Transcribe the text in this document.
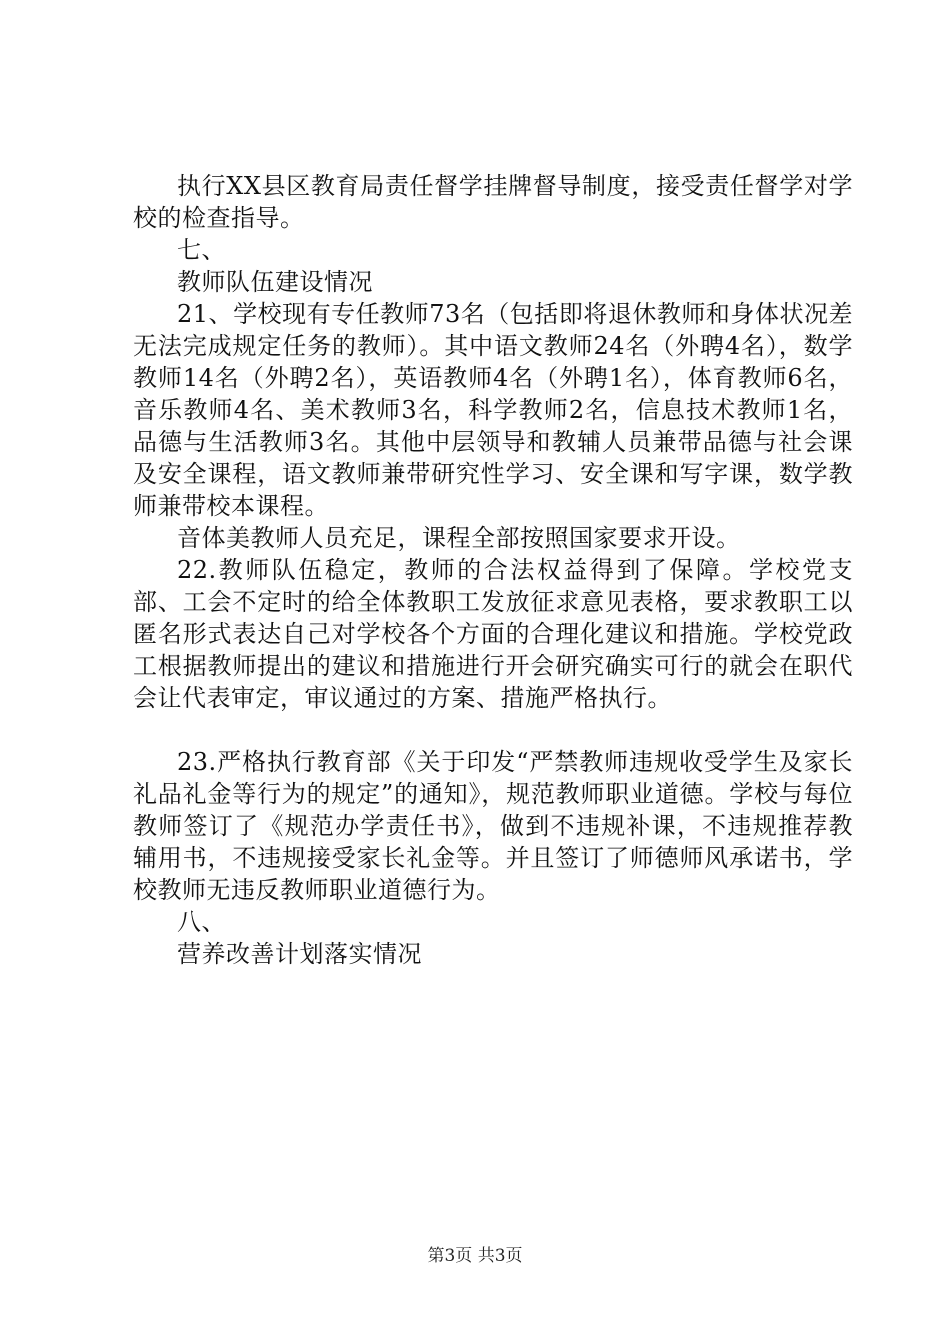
执行XX县区教育局责任督学挂牌督导制度，接受责任督学对学校的检查指导。

七、

教师队伍建设情况

21、学校现有专任教师73名（包括即将退休教师和身体状况差无法完成规定任务的教师）。其中语文教师24名（外聘4名），数学教师14名（外聘2名），英语教师4名（外聘1名），体育教师6名，音乐教师4名、美术教师3名，科学教师2名，信息技术教师1名，品德与生活教师3名。其他中层领导和教辅人员兼带品德与社会课及安全课程，语文教师兼带研究性学习、安全课和写字课，数学教师兼带校本课程。

音体美教师人员充足，课程全部按照国家要求开设。

22.教师队伍稳定，教师的合法权益得到了保障。学校党支部、工会不定时的给全体教职工发放征求意见表格，要求教职工以匿名形式表达自己对学校各个方面的合理化建议和措施。学校党政工根据教师提出的建议和措施进行开会研究确实可行的就会在职代会让代表审定，审议通过的方案、措施严格执行。

23.严格执行教育部《关于印发“严禁教师违规收受学生及家长礼品礼金等行为的规定”的通知》，规范教师职业道德。学校与每位教师签订了《规范办学责任书》，做到不违规补课，不违规推荐教辅用书，不违规接受家长礼金等。并且签订了师德师风承诺书，学校教师无违反教师职业道德行为。

八、

营养改善计划落实情况

第3页 共3页
